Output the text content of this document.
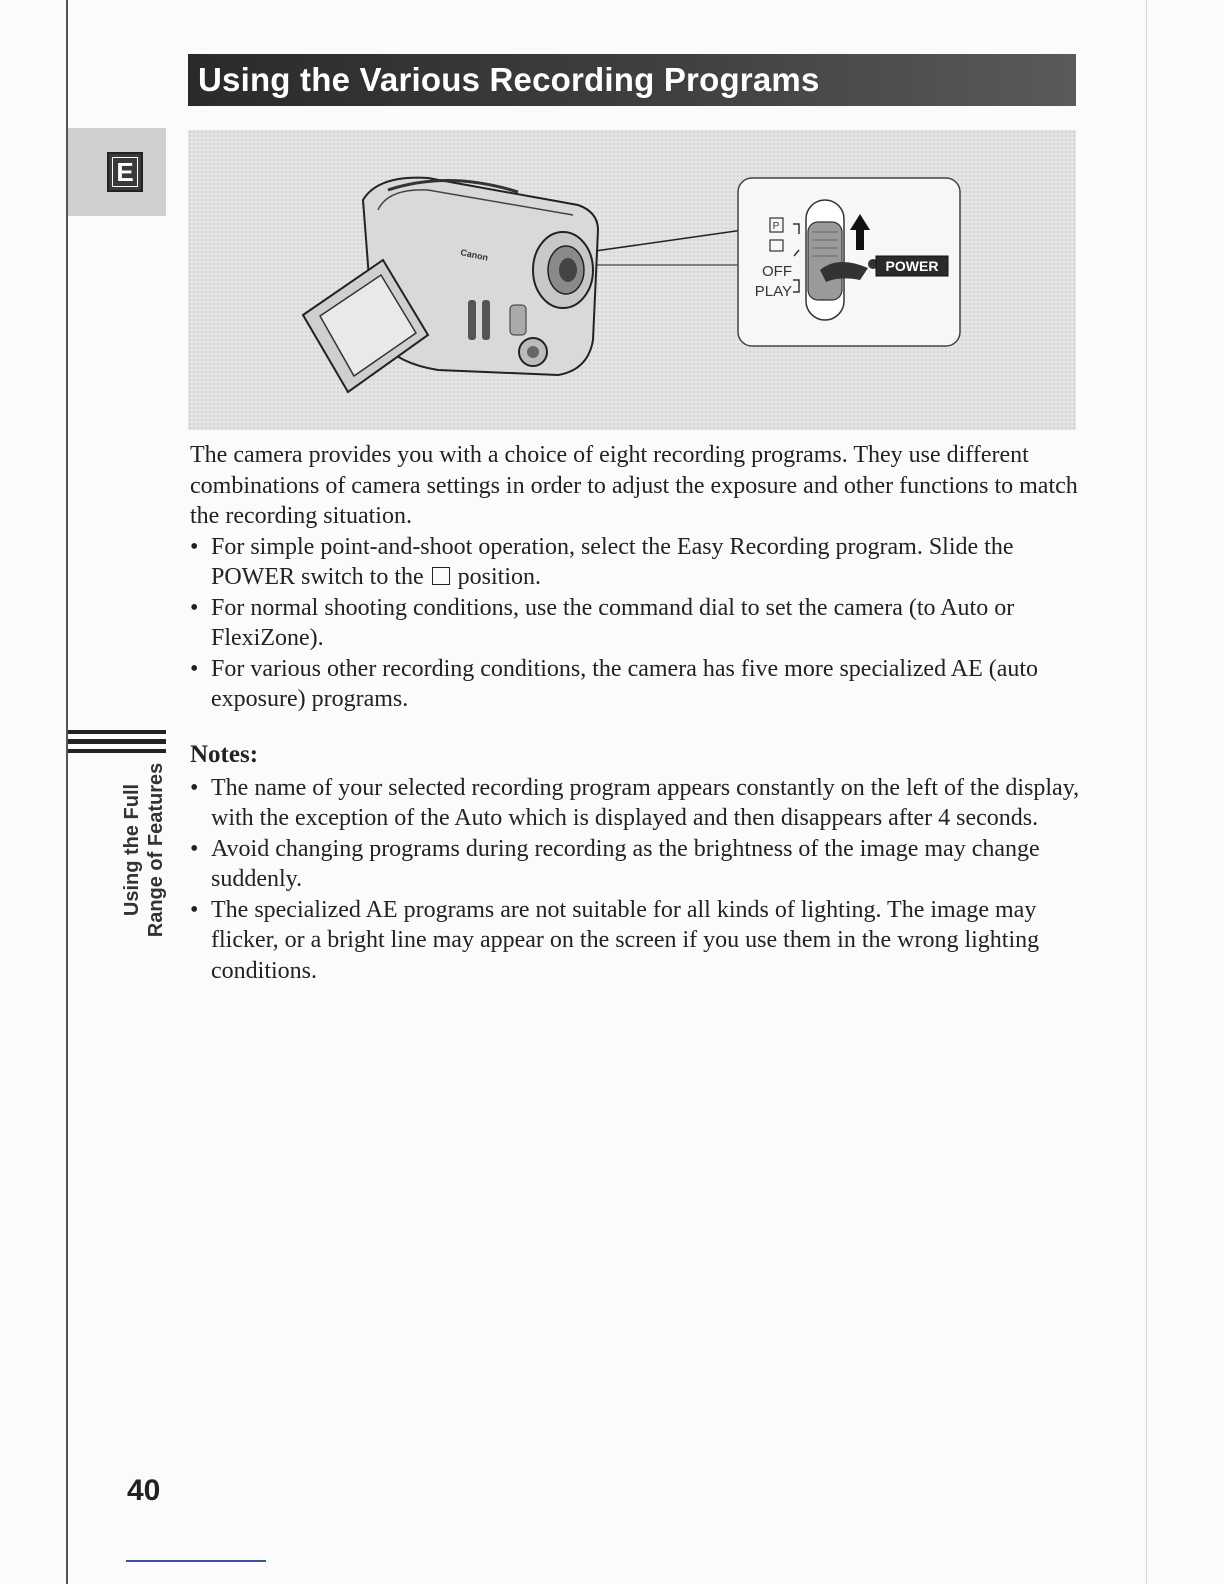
E
Using the Various Recording Programs
Canon
P
OFF
PLAY
POWER

The camera provides you with a choice of eight recording programs. They use different combinations of camera settings in order to adjust the exposure and other functions to match the recording situation.

• For simple point-and-shoot operation, select the Easy Recording program. Slide the POWER switch to the position.
• For normal shooting conditions, use the command dial to set the camera (to Auto or FlexiZone).
• For various other recording conditions, the camera has five more specialized AE (auto exposure) programs.
Using the Full Range of Features
Notes:
• The name of your selected recording program appears constantly on the left of the display, with the exception of the Auto which is displayed and then disappears after 4 seconds.
• Avoid changing programs during recording as the brightness of the image may change suddenly.
• The specialized AE programs are not suitable for all kinds of lighting. The image may flicker, or a bright line may appear on the screen if you use them in the wrong lighting conditions.
40
